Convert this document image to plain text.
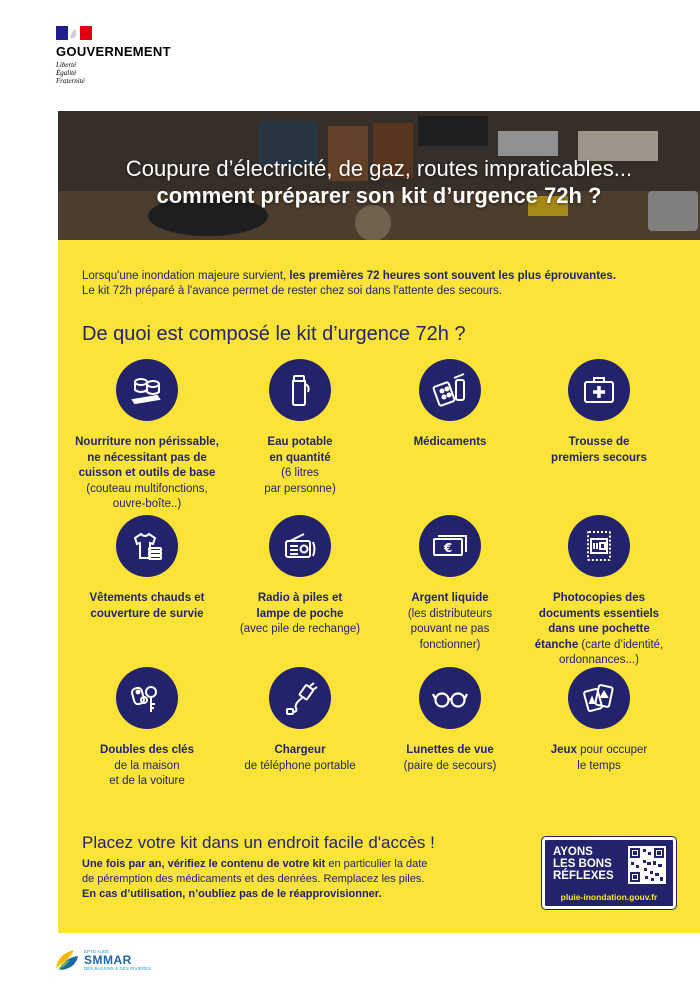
GOUVERNEMENT
Liberté
Égalité
Fraternité
Coupure d’électricité, de gaz, routes impraticables...
comment préparer son kit d’urgence 72h ?
Lorsqu'une inondation majeure survient, les premières 72 heures sont souvent les plus éprouvantes.
Le kit 72h préparé à l'avance permet de rester chez soi dans l'attente des secours.
De quoi est composé le kit d’urgence 72h ?
Nourriture non périssable,
ne nécessitant pas de
cuisson et outils de base
(couteau multifonctions,
ouvre-boîte..)
Eau potable
en quantité
(6 litres
par personne)
Médicaments	Trousse de
premiers secours
Vêtements chauds et
couverture de survie
Radio à piles et
lampe de poche
(avec pile de rechange)
€
Argent liquide
(les distributeurs
pouvant ne pas
fonctionner)
Photocopies des
documents essentiels
dans une pochette
étanche (carte d’identité,
ordonnances...)
Doubles des clés
de la maison
et de la voiture
Chargeur
de téléphone portable
Lunettes de vue
(paire de secours)
Jeux pour occuper
le temps
Placez votre kit dans un endroit facile d'accès !
Une fois par an, vérifiez le contenu de votre kit en particulier la date
de péremption des médicaments et des denrées. Remplacez les piles.
En cas d’utilisation, n’oubliez pas de le réapprovisionner.
AYONS
LES BONS
RÉFLEXES
pluie-inondation.gouv.fr
EPTB AUDE
SMMAR
DES BASSINS & DES RIVIÈRES
